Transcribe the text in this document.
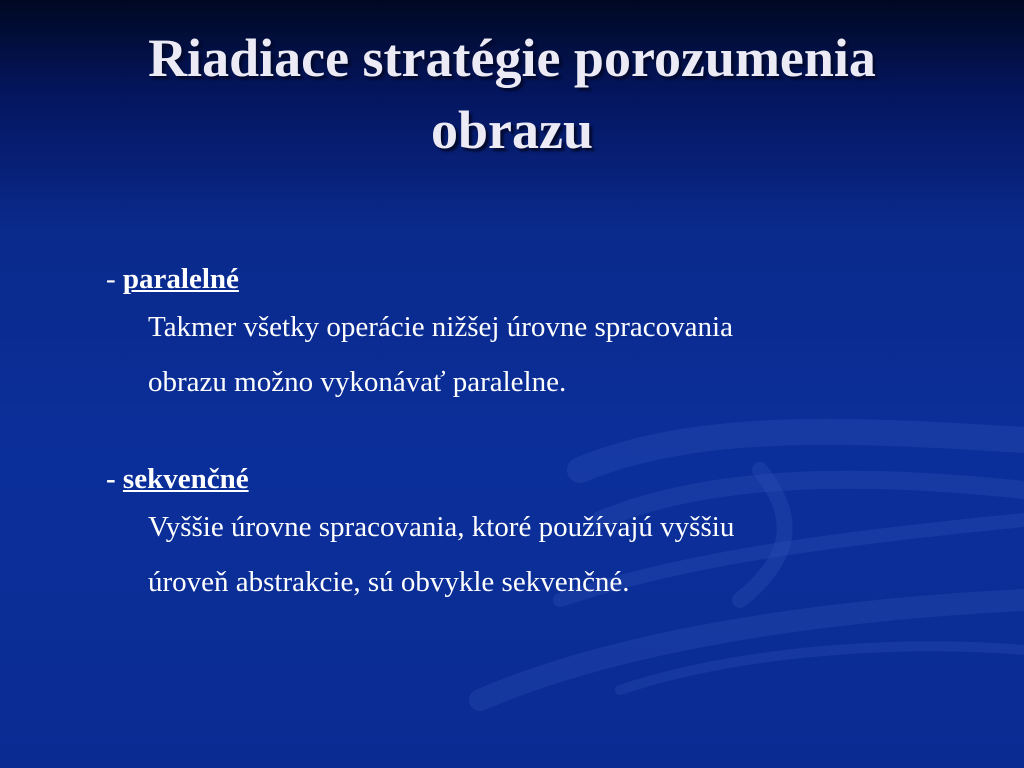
Riadiace stratégie porozumenia
obrazu
- paralelné
Takmer všetky operácie nižšej úrovne spracovania
obrazu možno vykonávať paralelne.
- sekvenčné
Vyššie úrovne spracovania, ktoré používajú vyššiu
úroveň abstrakcie, sú obvykle sekvenčné.
